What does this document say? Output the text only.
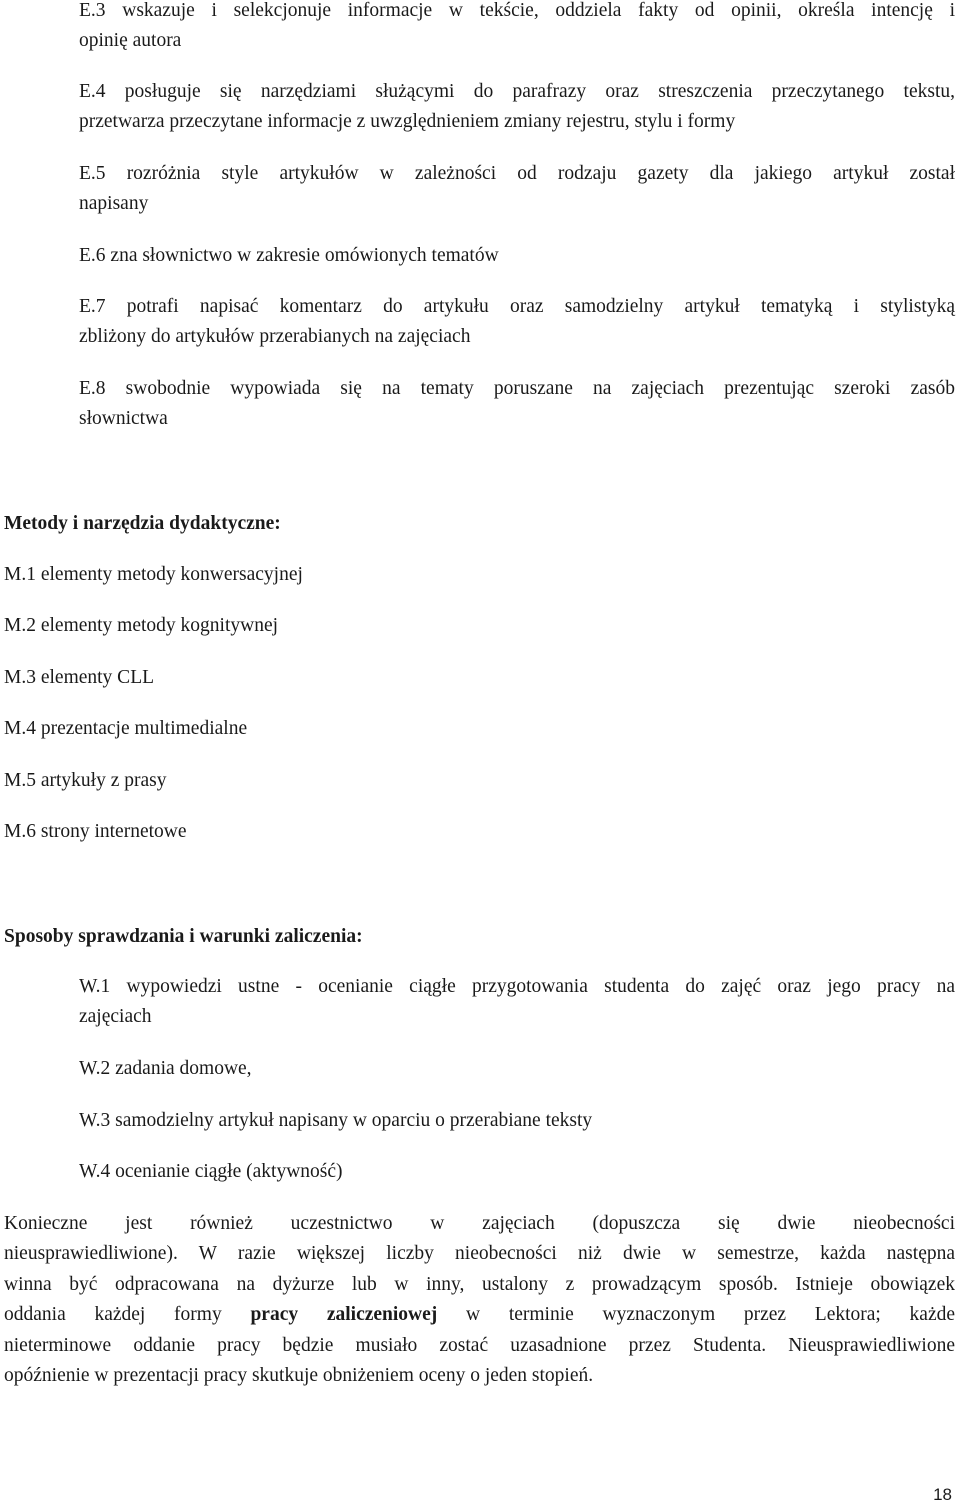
E.3 wskazuje i selekcjonuje informacje w tekście, oddziela fakty od opinii, określa intencję i

opinię autora

E.4 posługuje się narzędziami służącymi do parafrazy oraz streszczenia przeczytanego tekstu,

przetwarza przeczytane informacje z uwzględnieniem zmiany rejestru, stylu i formy

E.5 rozróżnia style artykułów w zależności od rodzaju gazety dla jakiego artykuł został

napisany

E.6 zna słownictwo w zakresie omówionych tematów

E.7 potrafi napisać komentarz do artykułu oraz samodzielny artykuł tematyką i stylistyką

zbliżony do artykułów przerabianych na zajęciach

E.8 swobodnie wypowiada się na tematy poruszane na zajęciach prezentując szeroki zasób

słownictwa

Metody i narzędzia dydaktyczne:

M.1 elementy metody konwersacyjnej

M.2 elementy metody kognitywnej

M.3 elementy CLL

M.4 prezentacje multimedialne

M.5 artykuły z prasy

M.6 strony internetowe

Sposoby sprawdzania i warunki zaliczenia:

W.1 wypowiedzi ustne - ocenianie ciągłe przygotowania studenta do zajęć oraz jego pracy na

zajęciach

W.2 zadania domowe,

W.3 samodzielny artykuł napisany w oparciu o przerabiane teksty

W.4 ocenianie ciągłe (aktywność)

Konieczne jest również uczestnictwo w zajęciach (dopuszcza się dwie nieobecności

nieusprawiedliwione). W razie większej liczby nieobecności niż dwie w semestrze, każda następna

winna być odpracowana na dyżurze lub w inny, ustalony z prowadzącym sposób. Istnieje obowiązek

oddania każdej formy pracy zaliczeniowej w terminie wyznaczonym przez Lektora; każde

nieterminowe oddanie pracy będzie musiało zostać uzasadnione przez Studenta. Nieusprawiedliwione

opóźnienie w prezentacji pracy skutkuje obniżeniem oceny o jeden stopień.

18
